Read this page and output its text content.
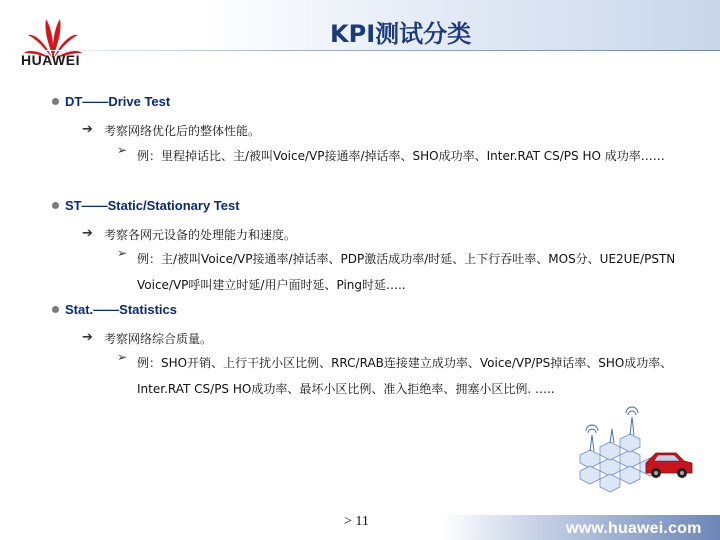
HUAWEI
KPI测试分类
DT——Drive Test
➔ 考察网络优化后的整体性能。
➢ 例：里程掉话比、主/被叫Voice/VP接通率/掉话率、SHO成功率、Inter.RAT CS/PS HO 成功率……
ST——Static/Stationary Test
➔ 考察各网元设备的处理能力和速度。
➢ 例：主/被叫Voice/VP接通率/掉话率、PDP激活成功率/时延、上下行吞吐率、MOS分、UE2UE/PSTN Voice/VP呼叫建立时延/用户面时延、Ping时延…..
Stat.——Statistics
➔ 考察网络综合质量。
➢ 例：SHO开销、上行干扰小区比例、RRC/RAB连接建立成功率、Voice/VP/PS掉话率、SHO成功率、Inter.RAT CS/PS HO成功率、最坏小区比例、准入拒绝率、拥塞小区比例. …..
> 11	www.huawei.com
